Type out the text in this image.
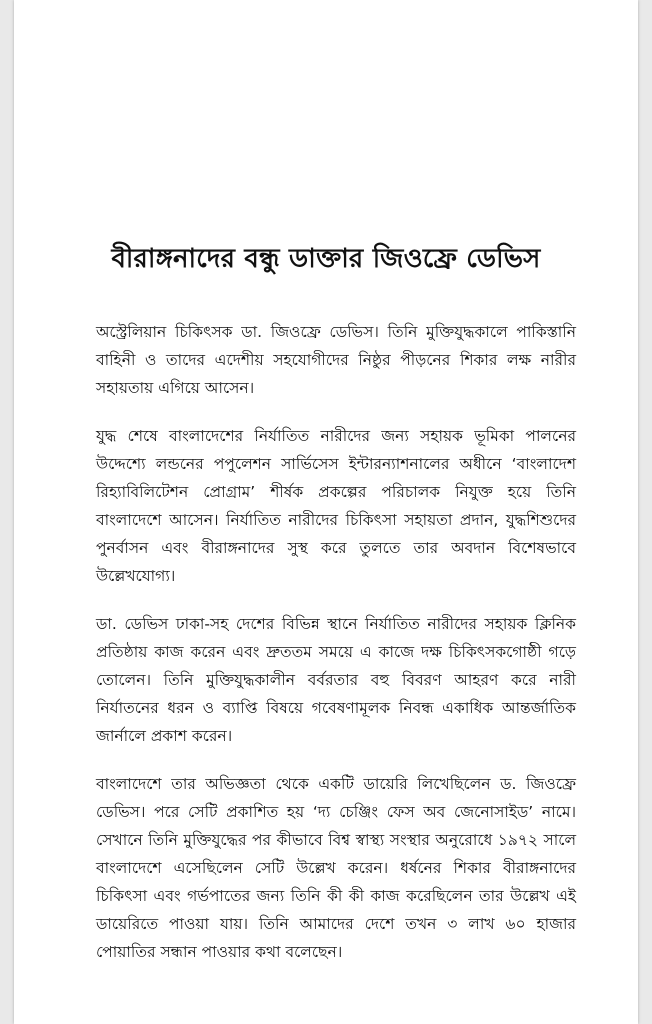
বীরাঙ্গনাদের বন্ধু ডাক্তার জিওফ্রে ডেভিস

অস্ট্রেলিয়ান চিকিৎসক ডা. জিওফ্রে ডেভিস। তিনি মুক্তিযুদ্ধকালে পাকিস্তানি বাহিনী ও তাদের এদেশীয় সহযোগীদের নিষ্ঠুর পীড়নের শিকার লক্ষ নারীর সহায়তায় এগিয়ে আসেন।

যুদ্ধ শেষে বাংলাদেশের নির্যাতিত নারীদের জন্য সহায়ক ভূমিকা পালনের উদ্দেশ্যে লন্ডনের পপুলেশন সার্ভিসেস ইন্টারন্যাশনালের অধীনে ‘বাংলাদেশ রিহ্যাবিলিটেশন প্রোগ্রাম’ শীর্ষক প্রকল্পের পরিচালক নিযুক্ত হয়ে তিনি বাংলাদেশে আসেন। নির্যাতিত নারীদের চিকিৎসা সহায়তা প্রদান, যুদ্ধশিশুদের পুনর্বাসন এবং বীরাঙ্গনাদের সুস্থ করে তুলতে তার অবদান বিশেষভাবে উল্লেখযোগ্য।

ডা. ডেভিস ঢাকা-সহ দেশের বিভিন্ন স্থানে নির্যাতিত নারীদের সহায়ক ক্লিনিক প্রতিষ্ঠায় কাজ করেন এবং দ্রুততম সময়ে এ কাজে দক্ষ চিকিৎসকগোষ্ঠী গড়ে তোলেন। তিনি মুক্তিযুদ্ধকালীন বর্বরতার বহু বিবরণ আহরণ করে নারী নির্যাতনের ধরন ও ব্যাপ্তি বিষয়ে গবেষণামূলক নিবন্ধ একাধিক আন্তর্জাতিক জার্নালে প্রকাশ করেন।

বাংলাদেশে তার অভিজ্ঞতা থেকে একটি ডায়েরি লিখেছিলেন ড. জিওফ্রে ডেভিস। পরে সেটি প্রকাশিত হয় ‘দ্য চেঞ্জিং ফেস অব জেনোসাইড’ নামে। সেখানে তিনি মুক্তিযুদ্ধের পর কীভাবে বিশ্ব স্বাস্থ্য সংস্থার অনুরোধে ১৯৭২ সালে বাংলাদেশে এসেছিলেন সেটি উল্লেখ করেন। ধর্ষনের শিকার বীরাঙ্গনাদের চিকিৎসা এবং গর্ভপাতের জন্য তিনি কী কী কাজ করেছিলেন তার উল্লেখ এই ডায়েরিতে পাওয়া যায়। তিনি আমাদের দেশে তখন ৩ লাখ ৬০ হাজার পোয়াতির সন্ধান পাওয়ার কথা বলেছেন।
